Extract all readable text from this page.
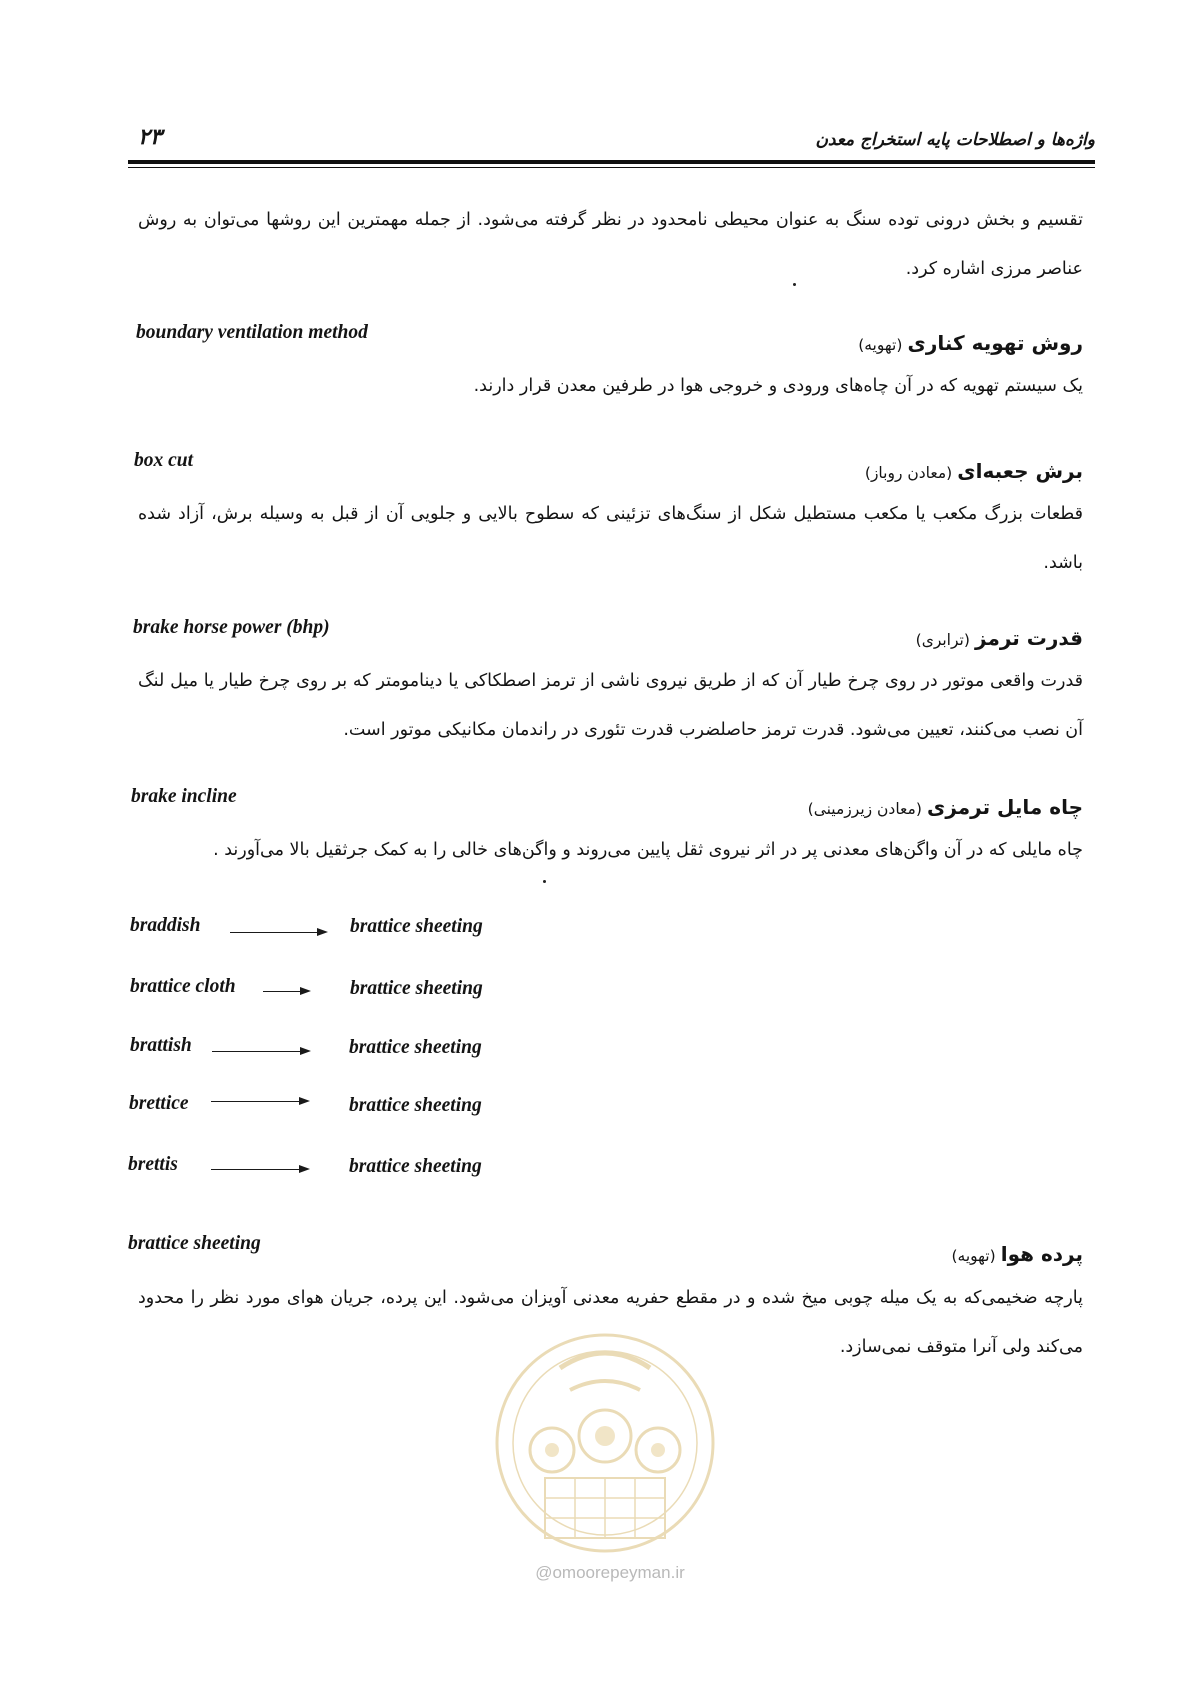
۲۳	واژه‌ها و اصطلاحات پایه استخراج معدن
تقسیم و بخش درونی توده سنگ به عنوان محیطی نامحدود در نظر گرفته می‌شود. از جمله مهمترین این روشها می‌توان به روش عناصر مرزی اشاره کرد.
boundary ventilation method	روش تهویه کناری (تهویه)
یک سیستم تهویه که در آن چاه‌های ورودی و خروجی هوا در طرفین معدن قرار دارند.
box cut	برش جعبه‌ای (معادن روباز)
قطعات بزرگ مکعب یا مکعب مستطیل شکل از سنگ‌های تزئینی که سطوح بالایی و جلویی آن از قبل به وسیله برش، آزاد شده باشد.
brake horse power (bhp)	قدرت ترمز (ترابری)
قدرت واقعی موتور در روی چرخ طیار آن که از طریق نیروی ناشی از ترمز اصطکاکی یا دینامومتر که بر روی چرخ طیار یا میل لنگ آن نصب می‌کنند، تعیین می‌شود. قدرت ترمز حاصلضرب قدرت تئوری در راندمان مکانیکی موتور است.
brake incline	چاه مایل ترمزی (معادن زیرزمینی)
چاه مایلی که در آن واگن‌های معدنی پر در اثر نیروی ثقل پایین می‌روند و واگن‌های خالی را به کمک جرثقیل بالا می‌آورند .
braddish	brattice sheeting
brattice cloth	brattice sheeting
brattish	brattice sheeting
brettice	brattice sheeting
brettis	brattice sheeting
@omoorepeyman.ir
brattice sheeting	پرده هوا (تهویه)
پارچه ضخیمی‌که به یک میله چوبی میخ شده و در مقطع حفریه معدنی آویزان می‌شود. این پرده، جریان هوای مورد نظر را محدود می‌کند ولی آنرا متوقف نمی‌سازد.
